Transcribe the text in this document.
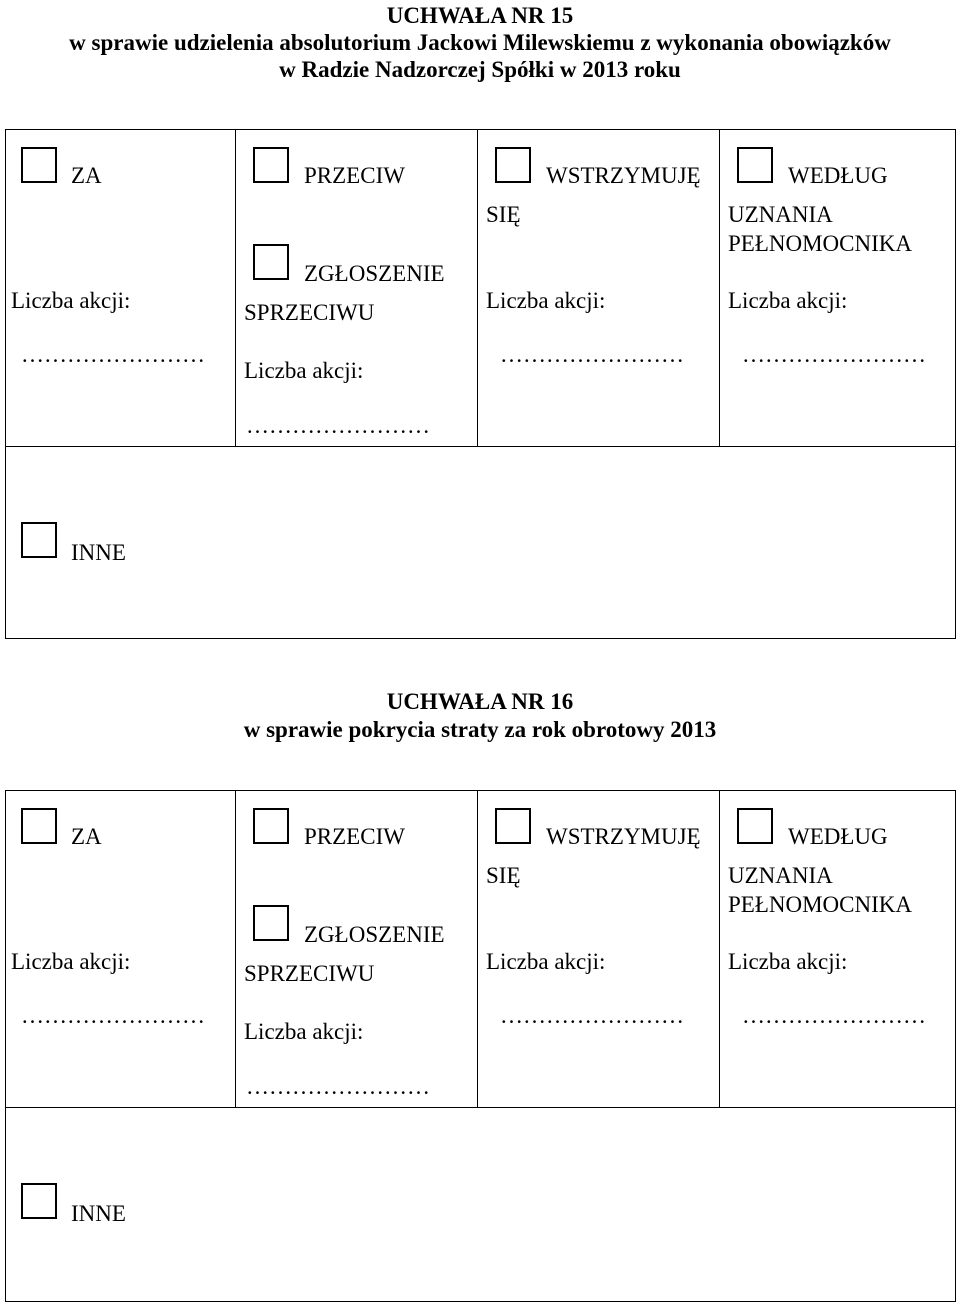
UCHWAŁA NR 15
w sprawie udzielenia absolutorium Jackowi Milewskiemu z wykonania obowiązków
w Radzie Nadzorczej Spółki w 2013 roku
ZA
Liczba akcji:
……………………
PRZECIW
ZGŁOSZENIE
SPRZECIWU
Liczba akcji:
……………………
WSTRZYMUJĘ
SIĘ
Liczba akcji:
……………………
WEDŁUG
UZNANIA
PEŁNOMOCNIKA
Liczba akcji:
……………………
INNE
UCHWAŁA NR 16
w sprawie pokrycia straty za rok obrotowy 2013
ZA
Liczba akcji:
……………………
PRZECIW
ZGŁOSZENIE
SPRZECIWU
Liczba akcji:
……………………
WSTRZYMUJĘ
SIĘ
Liczba akcji:
……………………
WEDŁUG
UZNANIA
PEŁNOMOCNIKA
Liczba akcji:
……………………
INNE
